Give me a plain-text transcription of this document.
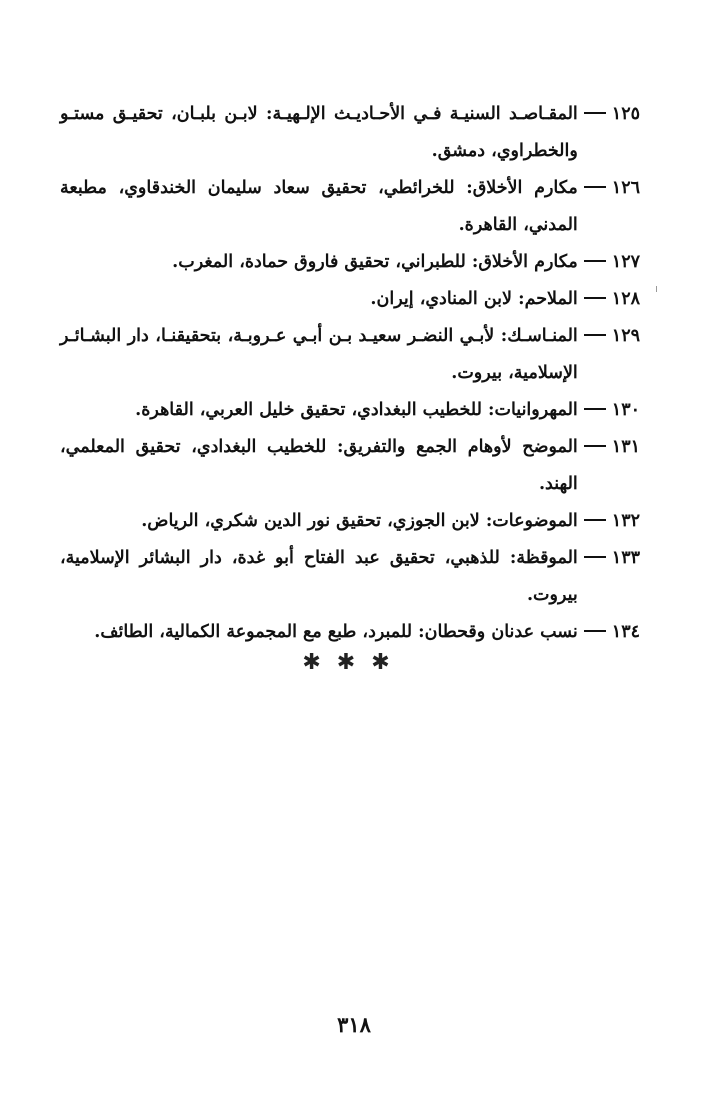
١٢٥
المقـاصـد السنيـة فـي الأحـاديـث الإلـهيـة: لابـن بلبـان، تحقيـق مستـو والخطراوي، دمشق.
١٢٦
مكارم الأخلاق: للخرائطي، تحقيق سعاد سليمان الخندقاوي، مطبعة المدني، القاهرة.
١٢٧
مكارم الأخلاق: للطبراني، تحقيق فاروق حمادة، المغرب.
١٢٨
الملاحم: لابن المنادي، إيران.
١٢٩
المنـاسـك: لأبـي النضـر سعيـد بـن أبـي عـروبـة، بتحقيقنـا، دار البشـائـر الإسلامية، بيروت.
١٣٠
المهروانيات: للخطيب البغدادي، تحقيق خليل العربي، القاهرة.
١٣١
الموضح لأوهام الجمع والتفريق: للخطيب البغدادي، تحقيق المعلمي، الهند.
١٣٢
الموضوعات: لابن الجوزي، تحقيق نور الدين شكري، الرياض.
١٣٣
الموقظة: للذهبي، تحقيق عبد الفتاح أبو غدة، دار البشائر الإسلامية، بيروت.
١٣٤
نسب عدنان وقحطان: للمبرد، طبع مع المجموعة الكمالية، الطائف.
✱✱✱
٣١٨
